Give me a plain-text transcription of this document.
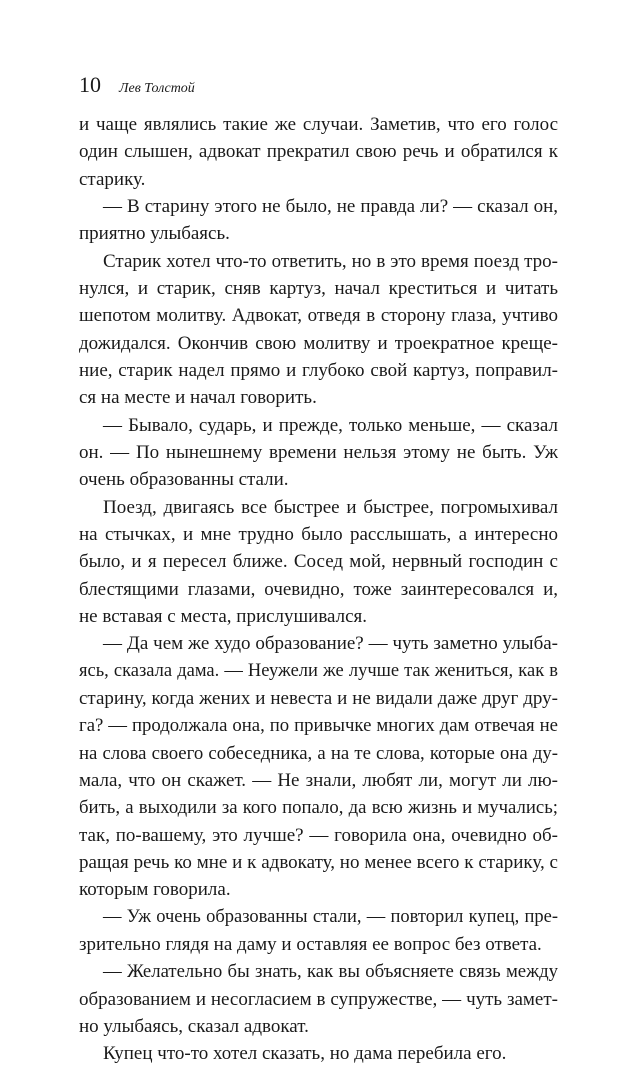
10 Лев Толстой
и чаще являлись такие же случаи. Заметив, что его голос
один слышен, адвокат прекратил свою речь и обратился к
старику.
— В старину этого не было, не правда ли? — сказал он,
приятно улыбаясь.
Старик хотел что-то ответить, но в это время поезд тро-
нулся, и старик, сняв картуз, начал креститься и читать
шепотом молитву. Адвокат, отведя в сторону глаза, учтиво
дожидался. Окончив свою молитву и троекратное креще-
ние, старик надел прямо и глубоко свой картуз, поправил-
ся на месте и начал говорить.
— Бывало, сударь, и прежде, только меньше, — сказал
он. — По нынешнему времени нельзя этому не быть. Уж
очень образованны стали.
Поезд, двигаясь все быстрее и быстрее, погромыхивал
на стычках, и мне трудно было расслышать, а интересно
было, и я пересел ближе. Сосед мой, нервный господин с
блестящими глазами, очевидно, тоже заинтересовался и,
не вставая с места, прислушивался.
— Да чем же худо образование? — чуть заметно улыба-
ясь, сказала дама. — Неужели же лучше так жениться, как в
старину, когда жених и невеста и не видали даже друг дру-
га? — продолжала она, по привычке многих дам отвечая не
на слова своего собеседника, а на те слова, которые она ду-
мала, что он скажет. — Не знали, любят ли, могут ли лю-
бить, а выходили за кого попало, да всю жизнь и мучались;
так, по-вашему, это лучше? — говорила она, очевидно об-
ращая речь ко мне и к адвокату, но менее всего к старику, с
которым говорила.
— Уж очень образованны стали, — повторил купец, пре-
зрительно глядя на даму и оставляя ее вопрос без ответа.
— Желательно бы знать, как вы объясняете связь между
образованием и несогласием в супружестве, — чуть замет-
но улыбаясь, сказал адвокат.
Купец что-то хотел сказать, но дама перебила его.
